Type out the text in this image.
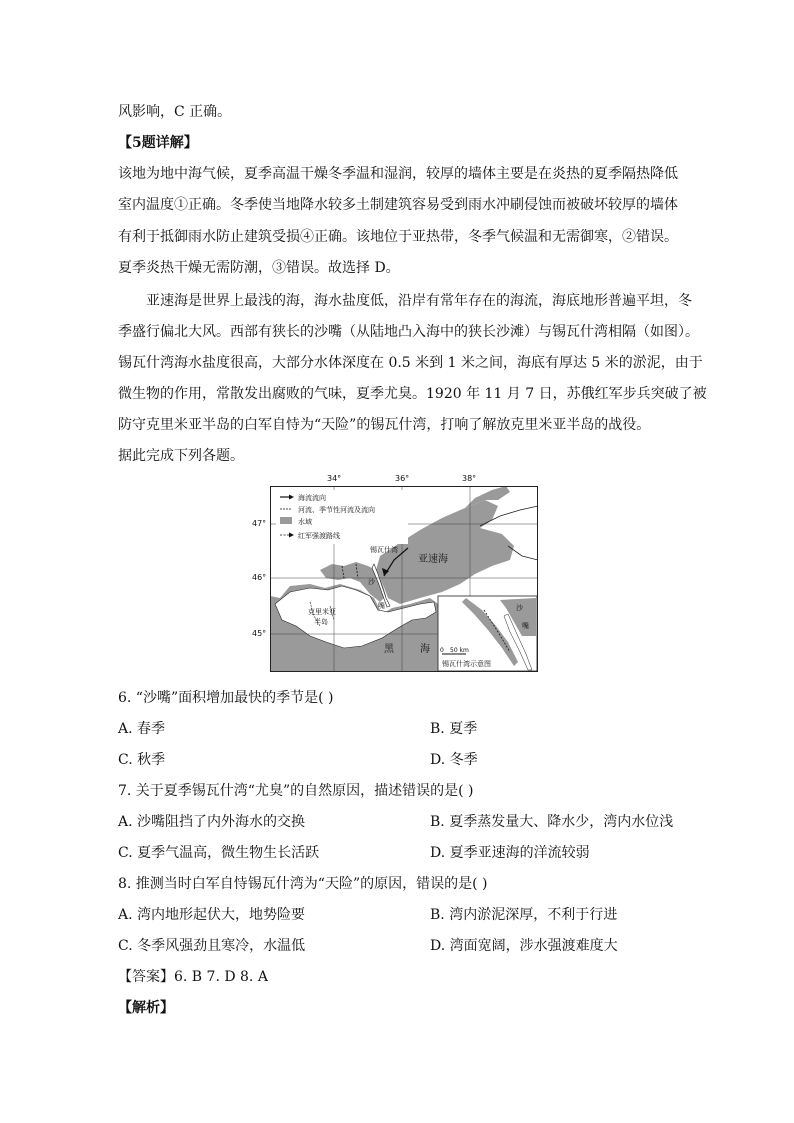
风影响，C 正确。
【5题详解】
该地为地中海气候，夏季高温干燥冬季温和湿润，较厚的墙体主要是在炎热的夏季隔热降低
室内温度①正确。冬季使当地降水较多土制建筑容易受到雨水冲刷侵蚀而被破坏较厚的墙体
有利于抵御雨水防止建筑受损④正确。该地位于亚热带，冬季气候温和无需御寒，②错误。
夏季炎热干燥无需防潮，③错误。故选择 D。
亚速海是世界上最浅的海，海水盐度低，沿岸有常年存在的海流，海底地形普遍平坦，冬
季盛行偏北大风。西部有狭长的沙嘴（从陆地凸入海中的狭长沙滩）与锡瓦什湾相隔（如图）。
锡瓦什湾海水盐度很高，大部分水体深度在 0.5 米到 1 米之间，海底有厚达 5 米的淤泥，由于
微生物的作用，常散发出腐败的气味，夏季尤臭。1920 年 11 月 7 日，苏俄红军步兵突破了被
防守克里米亚半岛的白军自恃为“天险”的锡瓦什湾，打响了解放克里米亚半岛的战役。
据此完成下列各题。
海流流向
河流、季节性河流及流向
水域
红军强渡路线
锡瓦什湾
亚速海
沙
嘴
克里米亚
半岛
黑	海
沙
嘴
0 50 km
锡瓦什湾示意图
34°	36°	38°
47°
46°
45°
6. “沙嘴”面积增加最快的季节是( )
A. 春季	B. 夏季
C. 秋季	D. 冬季
7. 关于夏季锡瓦什湾“尤臭”的自然原因，描述错误的是( )
A. 沙嘴阻挡了内外海水的交换	B. 夏季蒸发量大、降水少，湾内水位浅
C. 夏季气温高，微生物生长活跃	D. 夏季亚速海的洋流较弱
8. 推测当时白军自恃锡瓦什湾为“天险”的原因，错误的是( )
A. 湾内地形起伏大，地势险要	B. 湾内淤泥深厚，不利于行进
C. 冬季风强劲且寒冷，水温低	D. 湾面宽阔，涉水强渡难度大
【答案】6. B 7. D 8. A
【解析】
